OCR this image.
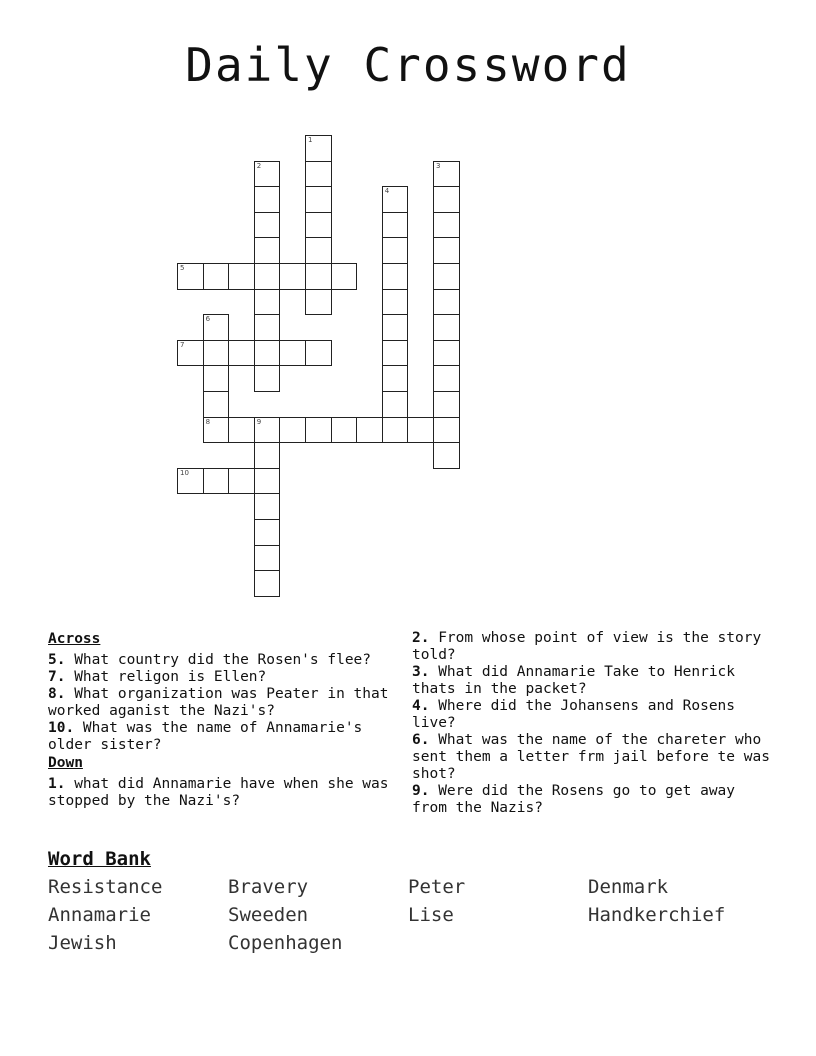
Daily Crossword
1
2	3
4
5
6
8
7
9
10
Across
5. What country did the Rosen's flee?
7. What religon is Ellen?
8. What organization was Peater in that worked aganist the Nazi's?
10. What was the name of Annamarie's older sister?
Down
1. what did Annamarie have when she was stopped by the Nazi's?
2. From whose point of view is the story told?
3. What did Annamarie Take to Henrick thats in the packet?
4. Where did the Johansens and Rosens live?
6. What was the name of the chareter who sent them a letter frm jail before te was shot?
9. Were did the Rosens go to get away from the Nazis?
Word Bank
Resistance	Bravery	Peter	Denmark
Annamarie	Sweeden	Lise	Handkerchief
Jewish	Copenhagen
